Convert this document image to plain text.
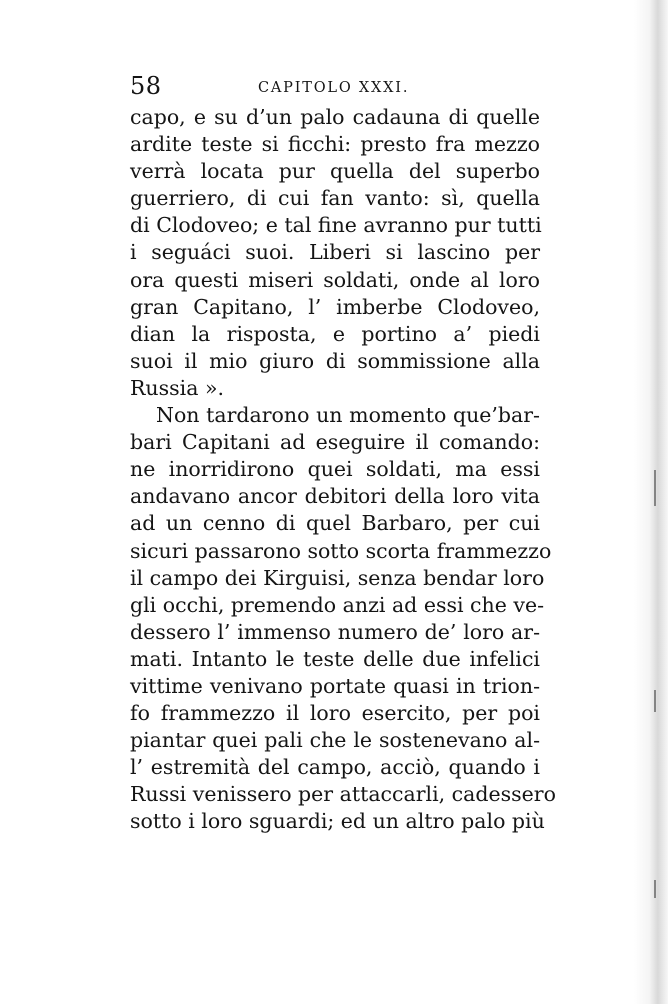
58	CAPITOLO XXXI.
capo, e su d’un palo cadauna di quelle
ardite teste si ficchi: presto fra mezzo
verrà locata pur quella del superbo
guerriero, di cui fan vanto: sì, quella
di Clodoveo; e tal fine avranno pur tutti
i seguáci suoi. Liberi si lascino per
ora questi miseri soldati, onde al loro
gran Capitano, l’ imberbe Clodoveo,
dian la risposta, e portino a’ piedi
suoi il mio giuro di sommissione alla
Russia ».
Non tardarono un momento que’bar-
bari Capitani ad eseguire il comando:
ne inorridirono quei soldati, ma essi
andavano ancor debitori della loro vita
ad un cenno di quel Barbaro, per cui
sicuri passarono sotto scorta frammezzo
il campo dei Kirguisi, senza bendar loro
gli occhi, premendo anzi ad essi che ve-
dessero l’ immenso numero de’ loro ar-
mati. Intanto le teste delle due infelici
vittime venivano portate quasi in trion-
fo frammezzo il loro esercito, per poi
piantar quei pali che le sostenevano al-
l’ estremità del campo, acciò, quando i
Russi venissero per attaccarli, cadessero
sotto i loro sguardi; ed un altro palo più
